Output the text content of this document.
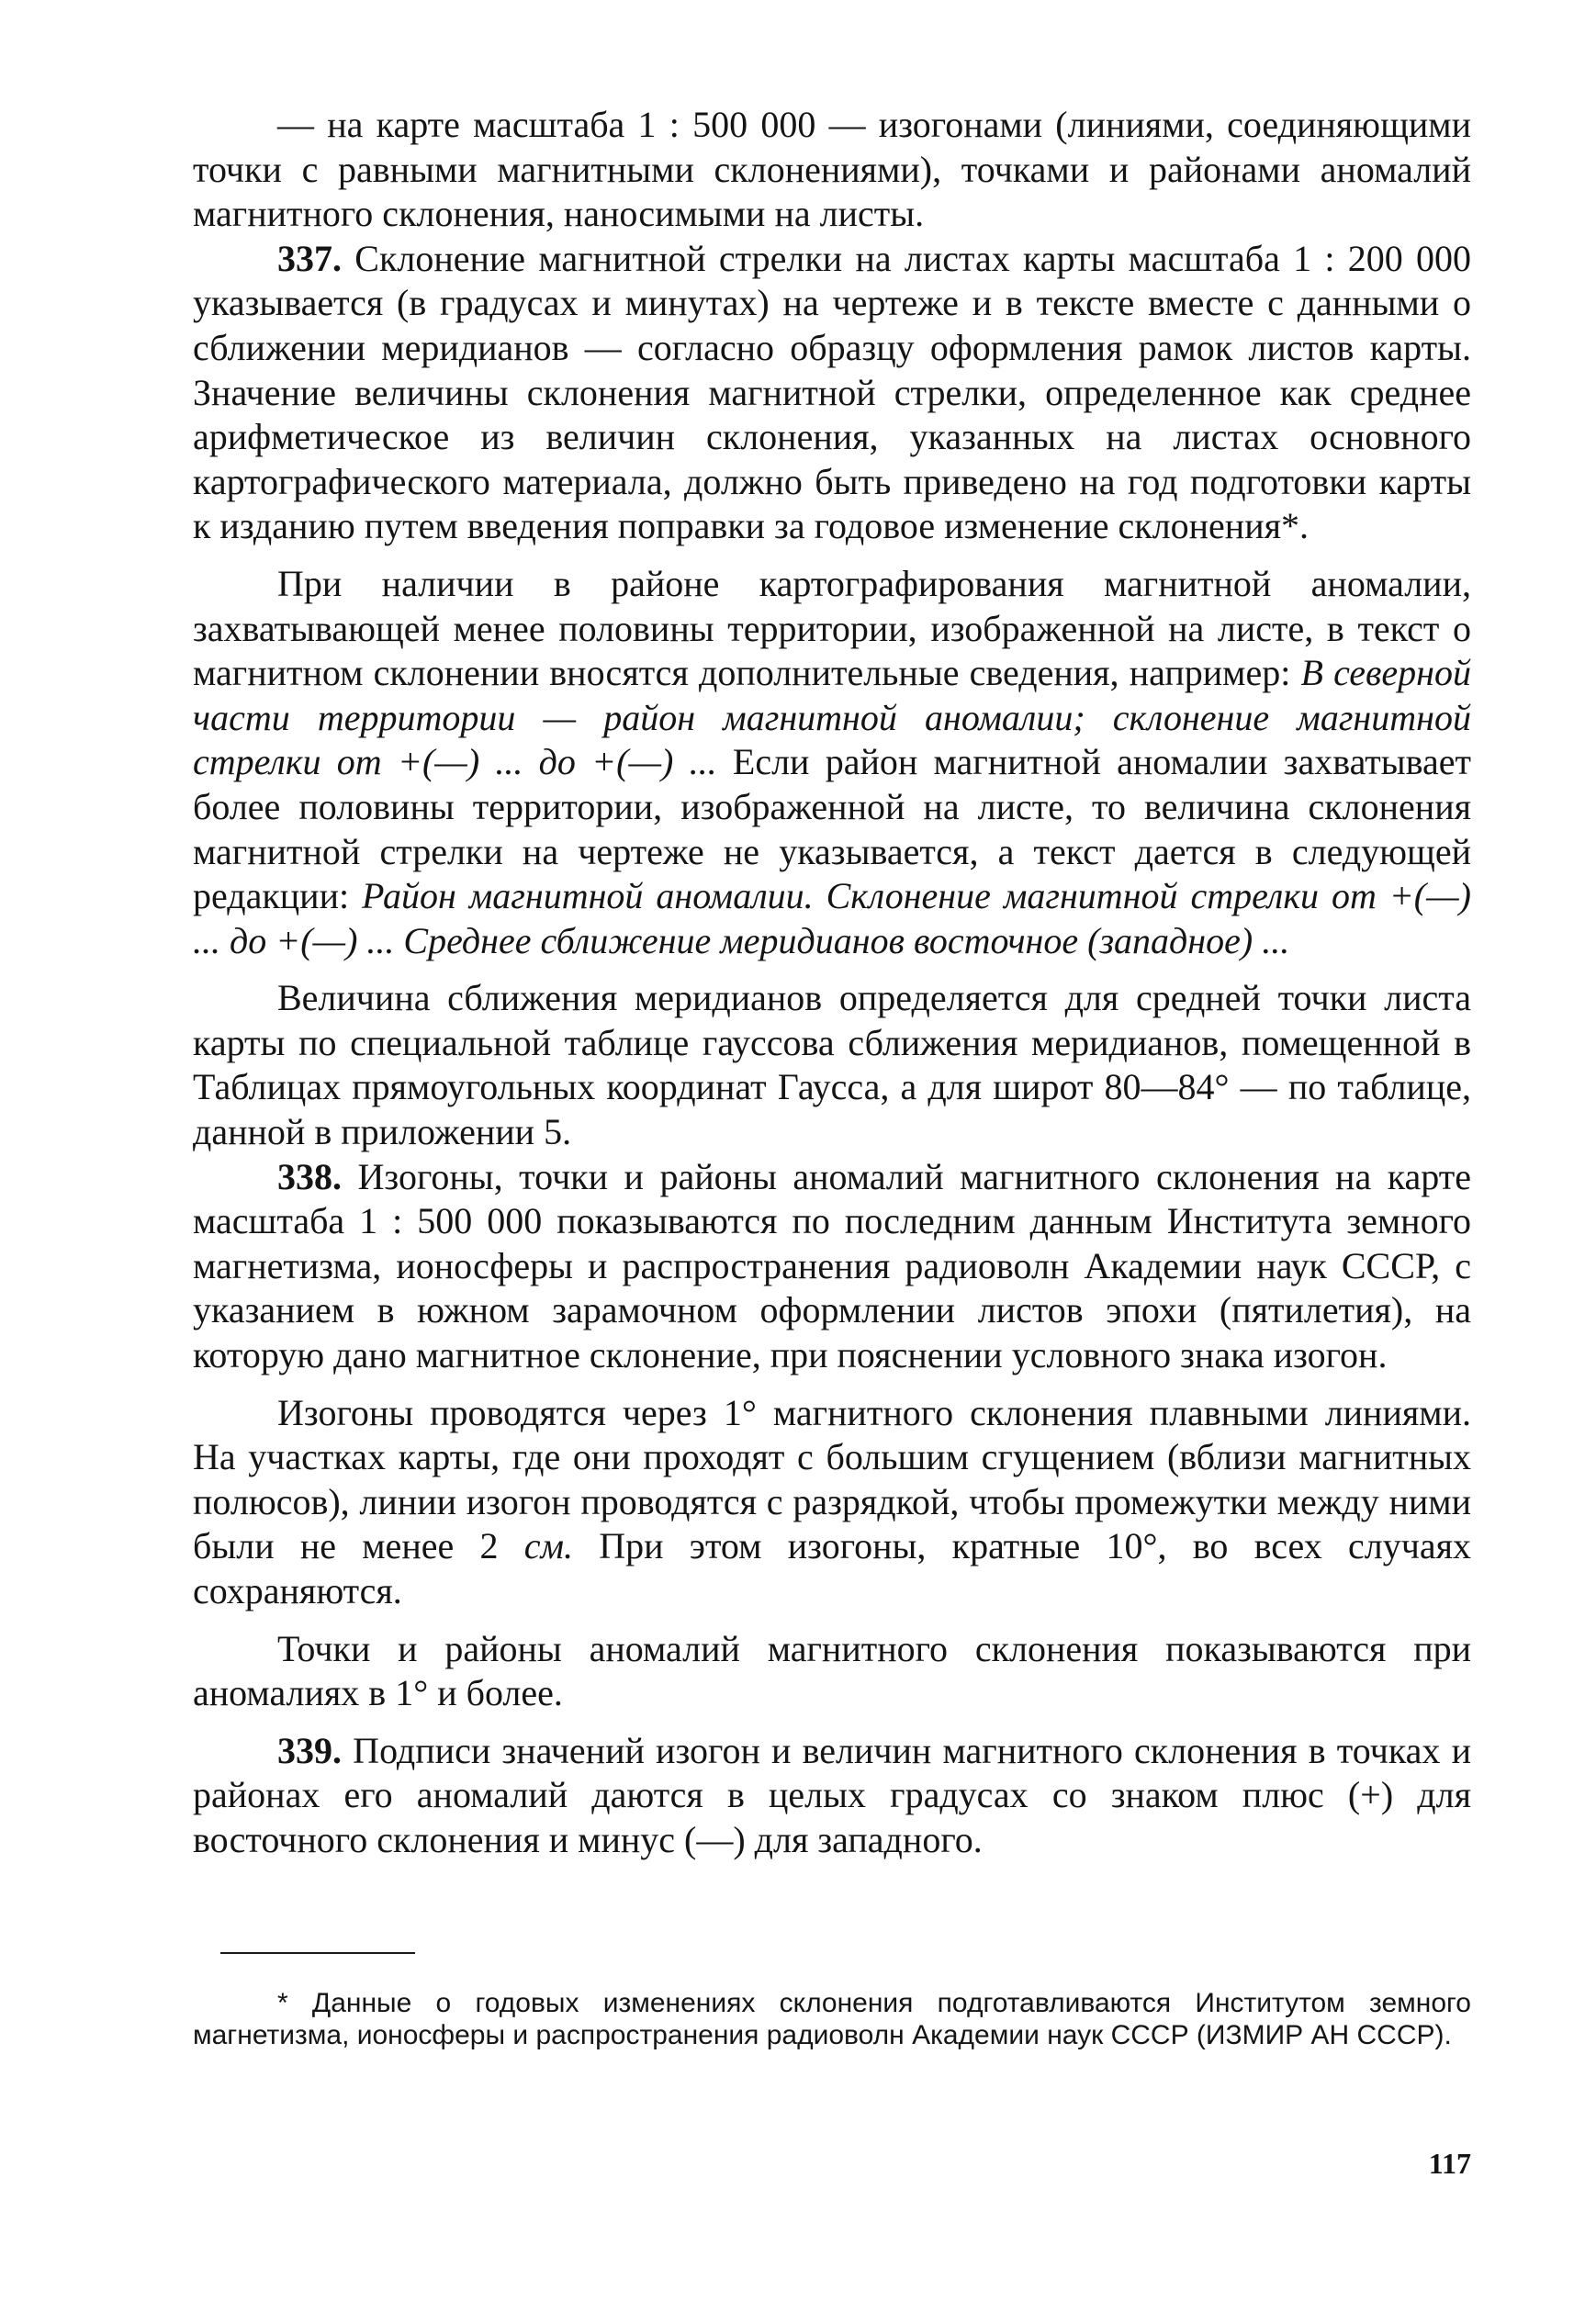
— на карте масштаба 1 : 500 000 — изогонами (линиями, соединяющими точки с равными магнитными склонениями), точками и районами аномалий магнитного склонения, наносимыми на листы.

337. Склонение магнитной стрелки на листах карты масштаба 1 : 200 000 указывается (в градусах и минутах) на чертеже и в тексте вместе с данными о сближении меридианов — согласно образцу оформления рамок листов карты. Значение величины склонения магнитной стрелки, определенное как среднее арифметическое из величин склонения, указанных на листах основного картографического материала, должно быть приведено на год подготовки карты к изданию путем введения поправки за годовое изменение склонения*.

При наличии в районе картографирования магнитной аномалии, захватывающей менее половины территории, изображенной на листе, в текст о магнитном склонении вносятся дополнительные сведения, например: В северной части территории — район магнитной аномалии; склонение магнитной стрелки от +(—) ... до +(—) ... Если район магнитной аномалии захватывает более половины территории, изображенной на листе, то величина склонения магнитной стрелки на чертеже не указывается, а текст дается в следующей редакции: Район магнитной аномалии. Склонение магнитной стрелки от +(—) ... до +(—) ... Среднее сближение меридианов восточное (западное) ...

Величина сближения меридианов определяется для средней точки листа карты по специальной таблице гауссова сближения меридианов, помещенной в Таблицах прямоугольных координат Гаусса, а для широт 80—84° — по таблице, данной в приложении 5.

338. Изогоны, точки и районы аномалий магнитного склонения на карте масштаба 1 : 500 000 показываются по последним данным Института земного магнетизма, ионосферы и распространения радиоволн Академии наук СССР, с указанием в южном зарамочном оформлении листов эпохи (пятилетия), на которую дано магнитное склонение, при пояснении условного знака изогон.

Изогоны проводятся через 1° магнитного склонения плавными линиями. На участках карты, где они проходят с большим сгущением (вблизи магнитных полюсов), линии изогон проводятся с разрядкой, чтобы промежутки между ними были не менее 2 см. При этом изогоны, кратные 10°, во всех случаях сохраняются.

Точки и районы аномалий магнитного склонения показываются при аномалиях в 1° и более.

339. Подписи значений изогон и величин магнитного склонения в точках и районах его аномалий даются в целых градусах со знаком плюс (+) для восточного склонения и минус (—) для западного.

* Данные о годовых изменениях склонения подготавливаются Институтом земного магнетизма, ионосферы и распространения радиоволн Академии наук СССР (ИЗМИР АН СССР).
117
